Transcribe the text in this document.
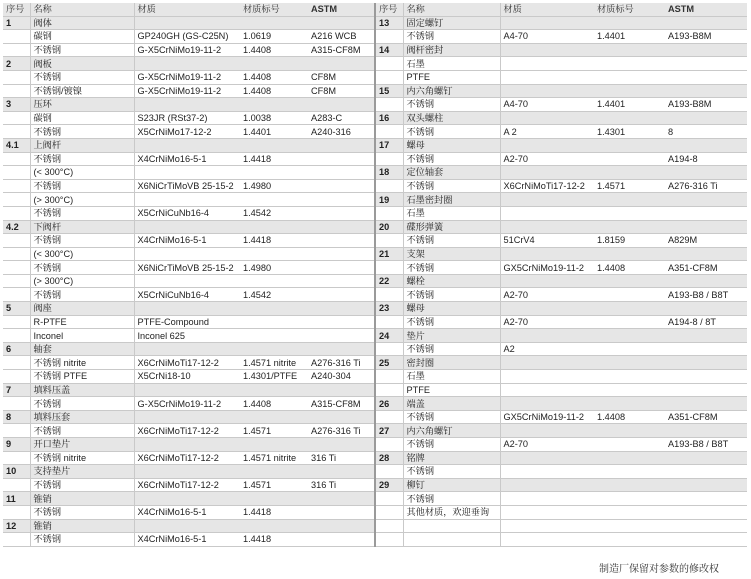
序号	名称	材质	材质标号	ASTM	序号	名称	材质	材质标号	ASTM
1	阀体				13	固定螺钉			
	碳钢	GP240GH (GS-C25N)	1.0619	A216 WCB		不锈钢	A4-70	1.4401	A193-B8M
	不锈钢	G-X5CrNiMo19-11-2	1.4408	A315-CF8M	14	阀杆密封			
2	阀板					石墨			
	不锈钢	G-X5CrNiMo19-11-2	1.4408	CF8M		PTFE			
	不锈钢/镀镍	G-X5CrNiMo19-11-2	1.4408	CF8M	15	内六角螺钉			
3	压环					不锈钢	A4-70	1.4401	A193-B8M
	碳钢	S23JR (RSt37-2)	1.0038	A283-C	16	双头螺柱			
	不锈钢	X5CrNiMo17-12-2	1.4401	A240-316		不锈钢	A 2	1.4301	8
4.1	上阀杆				17	螺母			
	不锈钢	X4CrNiMo16-5-1	1.4418			不锈钢	A2-70		A194-8
	(< 300°C)				18	定位轴套			
	不锈钢	X6NiCrTiMoVB 25-15-2	1.4980			不锈钢	X6CrNiMoTi17-12-2	1.4571	A276-316 Ti
	(> 300°C)				19	石墨密封圈			
	不锈钢	X5CrNiCuNb16-4	1.4542			石墨			
4.2	下阀杆				20	碟形弹簧			
	不锈钢	X4CrNiMo16-5-1	1.4418			不锈钢	51CrV4	1.8159	A829M
	(< 300°C)				21	支架			
	不锈钢	X6NiCrTiMoVB 25-15-2	1.4980			不锈钢	GX5CrNiMo19-11-2	1.4408	A351-CF8M
	(> 300°C)				22	螺栓			
	不锈钢	X5CrNiCuNb16-4	1.4542			不锈钢	A2-70		A193-B8 / B8T
5	阀座				23	螺母			
	R-PTFE	PTFE-Compound				不锈钢	A2-70		A194-8 / 8T
	Inconel	Inconel 625			24	垫片			
6	轴套					不锈钢	A2		
	不锈钢 nitrite	X6CrNiMoTi17-12-2	1.4571 nitrite	A276-316 Ti	25	密封圈			
	不锈钢 PTFE	X5CrNi18-10	1.4301/PTFE	A240-304		石墨			
7	填料压盖					PTFE			
	不锈钢	G-X5CrNiMo19-11-2	1.4408	A315-CF8M	26	端盖			
8	填料压套					不锈钢	GX5CrNiMo19-11-2	1.4408	A351-CF8M
	不锈钢	X6CrNiMoTi17-12-2	1.4571	A276-316 Ti	27	内六角螺钉			
9	开口垫片					不锈钢	A2-70		A193-B8 / B8T
	不锈钢 nitrite	X6CrNiMoTi17-12-2	1.4571 nitrite	316 Ti	28	铭牌			
10	支持垫片					不锈钢			
	不锈钢	X6CrNiMoTi17-12-2	1.4571	316 Ti	29	柳钉			
11	锥销					不锈钢			
	不锈钢	X4CrNiMo16-5-1	1.4418			其他材质，欢迎垂询			
12	锥销								
	不锈钢	X4CrNiMo16-5-1	1.4418						
制造厂保留对参数的修改权
